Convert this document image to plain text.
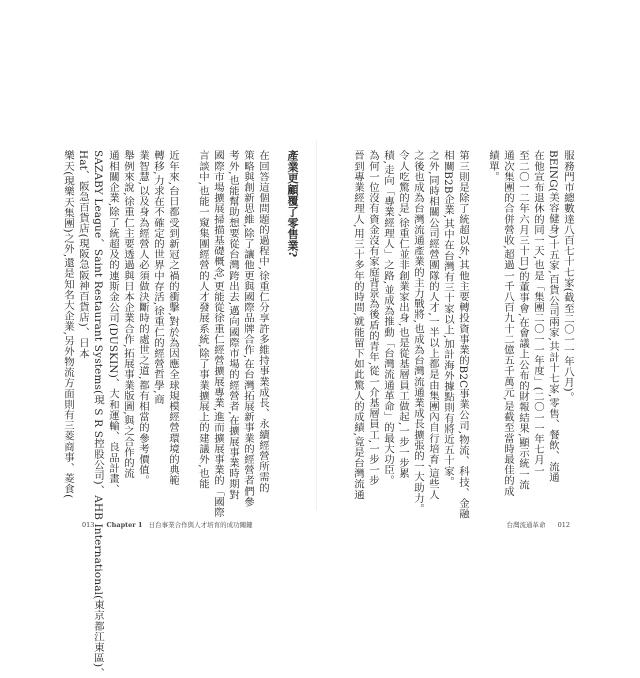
服務門市總數達八百七十七家(截至二〇一一年八月)。
BEING(美容健身)十五家,百貨公司兩家,共計十七家,零售、餐飲、流通
在他宣布退休的同一天,也是「集團二〇一一年度」(二〇一一年七月一
至二〇一二年六月三十日)的董事會,在會議上公布的財報結果,顯示統一流
通次集團的合併營收,超過一千八百九十二億五千萬元,是截至當時最佳的成
績單。
第三則是除了統超以外,其他主要轉投資事業的B2C事業公司,物流、科技、金融
相關B2B企業,其中在台灣有三十家以上,加計海外據點則有將近五十家。
之外,同時相關公司經營團隊的人才,一半以上都是由集團內自行培育,這些人
之後也成為台灣流通產業的主力戰將,也成為台灣流通業成長擴張的一大助力。
令人吃驚的是,徐重仁並非創業家出身,也是從基層員工做起,一步一步累
積,走向「專業經理人」之路,並成為推動「台灣流通革命」的最大功臣。
為何一位沒有資金沒有家庭背景為後盾的青年,從一介基層員工,一步一步
晉到專業經理人,用三十多年的時間,就能留下如此驚人的成績,竟是台灣流通
產業更顧覆了零售業?
在回答這個問題的過程中,徐重仁分享許多維持事業成長、永續經營所需的
策略與創新思維,除了讓他更與國際品牌合作,在台灣拓展新事業的經營者們參
考外,也能幫助想要從台灣跨出去,邁向國際市場的經營者,在擴展事業時期對
國際市場擴展掃描基礎概念,更能從徐重仁經營擴展專業,進而擴展事業的「國際
言談中,也能一窺集團經營的人才發展系統,除了事業擴展上的建議外,也能
近年來,台日都受到新冠之禍的衝擊,對於為因應全球規模經營環境的典範
轉移,力求在不確定的世界中存活,徐重仁的經營哲學,商
業智慧,以及身為經營人必須做決斷時的處世之道,都有相當的參考價值。
舉例來說,徐重仁主要透過與日本企業合作,拓展事業版圖,與之合作的流
通相關企業,除了統超及的連斯金公司(DUSKIN)、大和運輸、良品計畫、
SAZABY League、Saint Restaurant Systems(現 S R S控股公司)、AHB International(東京都江東區)、
Hat、阪急百貨店(現阪急阪神百貨店)、日本
樂天(現樂天集團)之外,還是知名大企業,另外物流方面則有三菱商事、菱食(
013 Chapter 1 日台事業合作與人才培育的成功關鍵	台灣流通革命 012
